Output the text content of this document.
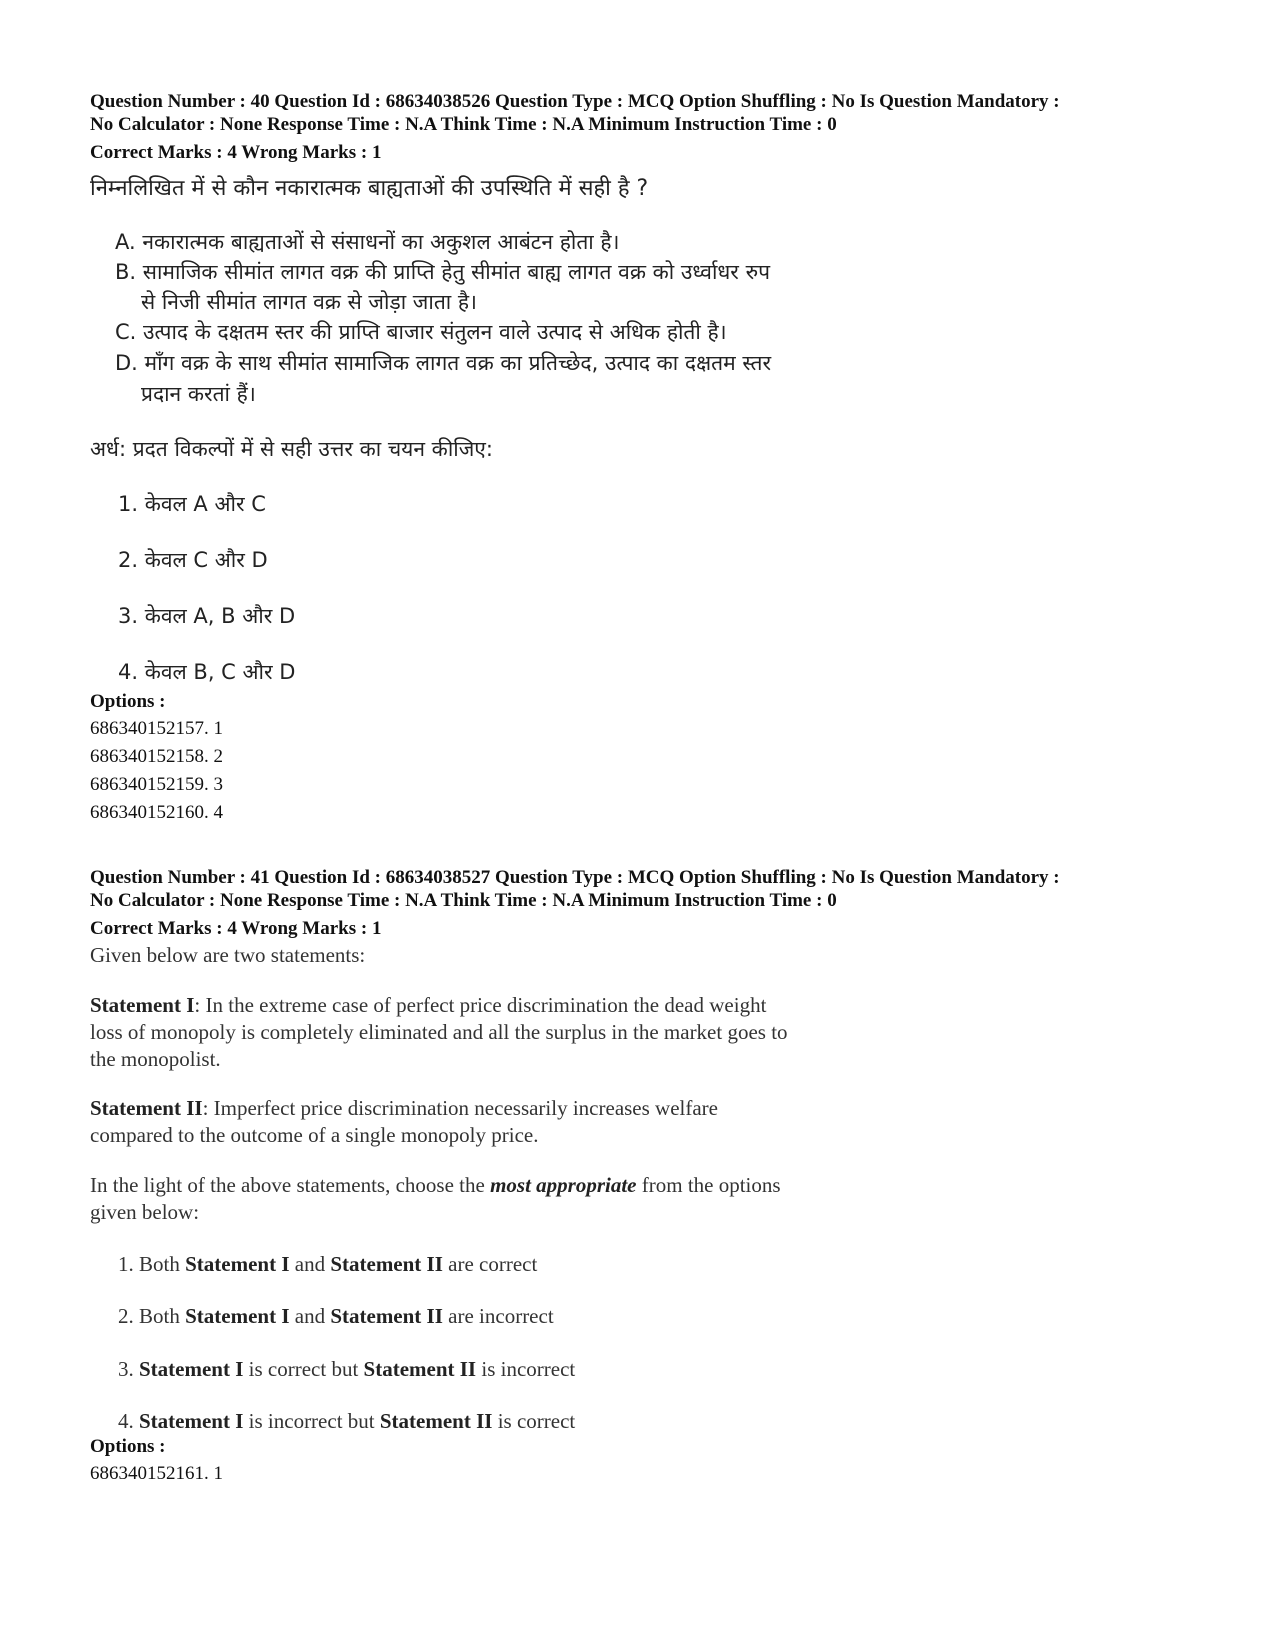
Question Number : 40 Question Id : 68634038526 Question Type : MCQ Option Shuffling : No Is Question Mandatory :
No Calculator : None Response Time : N.A Think Time : N.A Minimum Instruction Time : 0
Correct Marks : 4 Wrong Marks : 1
निम्नलिखित में से कौन नकारात्मक बाह्यताओं की उपस्थिति में सही है ?
A. नकारात्मक बाह्यताओं से संसाधनों का अकुशल आबंटन होता है।
B. सामाजिक सीमांत लागत वक्र की प्राप्ति हेतु सीमांत बाह्य लागत वक्र को उर्ध्वाधर रुप
से निजी सीमांत लागत वक्र से जोड़ा जाता है।
C. उत्पाद के दक्षतम स्तर की प्राप्ति बाजार संतुलन वाले उत्पाद से अधिक होती है।
D. माँग वक्र के साथ सीमांत सामाजिक लागत वक्र का प्रतिच्छेद, उत्पाद का दक्षतम स्तर
प्रदान करतां हैं।
अर्ध: प्रदत विकल्पों में से सही उत्तर का चयन कीजिए:
1. केवल A और C
2. केवल C और D
3. केवल A, B और D
4. केवल B, C और D
Options :
686340152157. 1
686340152158. 2
686340152159. 3
686340152160. 4
Question Number : 41 Question Id : 68634038527 Question Type : MCQ Option Shuffling : No Is Question Mandatory :
No Calculator : None Response Time : N.A Think Time : N.A Minimum Instruction Time : 0
Correct Marks : 4 Wrong Marks : 1
Given below are two statements:
Statement I: In the extreme case of perfect price discrimination the dead weight
loss of monopoly is completely eliminated and all the surplus in the market goes to
the monopolist.
Statement II: Imperfect price discrimination necessarily increases welfare
compared to the outcome of a single monopoly price.
In the light of the above statements, choose the most appropriate from the options
given below:
1. Both Statement I and Statement II are correct
2. Both Statement I and Statement II are incorrect
3. Statement I is correct but Statement II is incorrect
4. Statement I is incorrect but Statement II is correct
Options :
686340152161. 1
